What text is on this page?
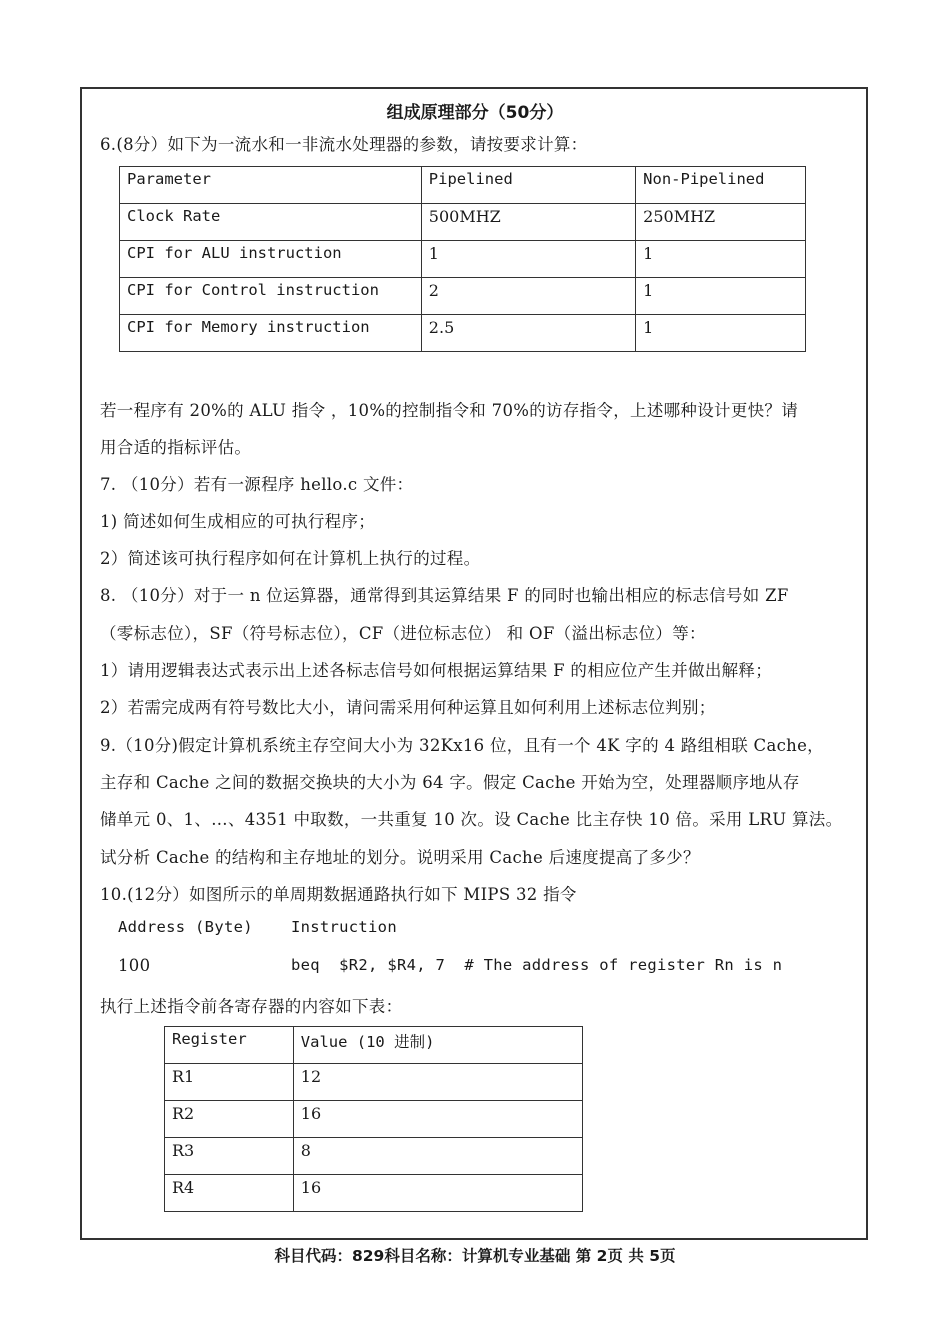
组成原理部分（50分）
6.(8分）如下为一流水和一非流水处理器的参数，请按要求计算：
Parameter	Pipelined	Non-Pipelined
Clock Rate	500MHZ	250MHZ
CPI for ALU instruction	1	1
CPI for Control instruction	2	1
CPI for Memory instruction	2.5	1
若一程序有 20%的 ALU 指令 ，10%的控制指令和 70%的访存指令，上述哪种设计更快？请
用合适的指标评估。
7. （10分）若有一源程序 hello.c 文件：
1) 简述如何生成相应的可执行程序；
2）简述该可执行程序如何在计算机上执行的过程。
8. （10分）对于一 n 位运算器，通常得到其运算结果 F 的同时也输出相应的标志信号如 ZF
（零标志位），SF（符号标志位），CF（进位标志位） 和 OF（溢出标志位）等：
1）请用逻辑表达式表示出上述各标志信号如何根据运算结果 F 的相应位产生并做出解释；
2）若需完成两有符号数比大小，请问需采用何种运算且如何利用上述标志位判别；
9.（10分)假定计算机系统主存空间大小为 32Kx16 位，且有一个 4K 字的 4 路组相联 Cache，
主存和 Cache 之间的数据交换块的大小为 64 字。假定 Cache 开始为空，处理器顺序地从存
储单元 0、1、…、4351 中取数，一共重复 10 次。设 Cache 比主存快 10 倍。采用 LRU 算法。
试分析 Cache 的结构和主存地址的划分。说明采用 Cache 后速度提高了多少？
10.(12分）如图所示的单周期数据通路执行如下 MIPS 32 指令
Address (Byte) Instruction
100	beq  $R2, $R4, 7  # The address of register Rn is n
执行上述指令前各寄存器的内容如下表：
Register	Value (10 进制)
R1	12
R2	16
R3	8
R4	16
科目代码：829科目名称：计算机专业基础 第 2页 共 5页
